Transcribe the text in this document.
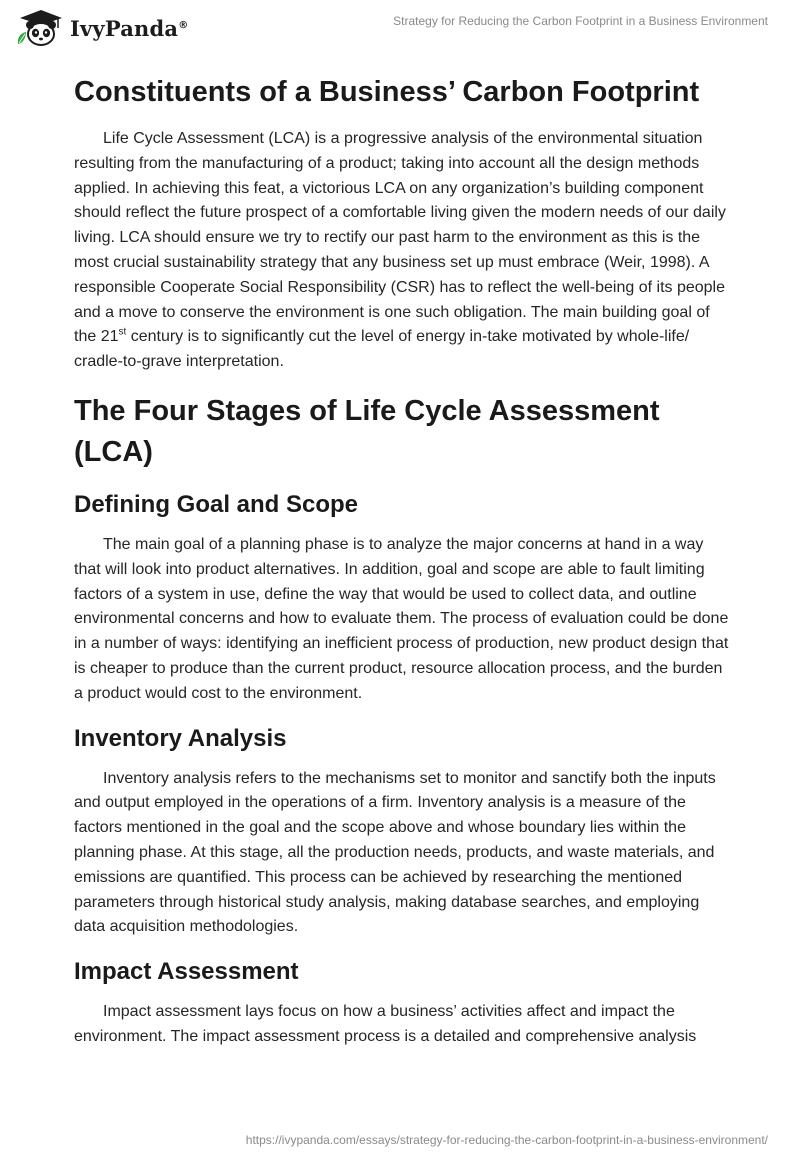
IvyPanda®	Strategy for Reducing the Carbon Footprint in a Business Environment
Constituents of a Business’ Carbon Footprint

Life Cycle Assessment (LCA) is a progressive analysis of the environmental situation resulting from the manufacturing of a product; taking into account all the design methods applied. In achieving this feat, a victorious LCA on any organization’s building component should reflect the future prospect of a comfortable living given the modern needs of our daily living. LCA should ensure we try to rectify our past harm to the environment as this is the most crucial sustainability strategy that any business set up must embrace (Weir, 1998). A responsible Cooperate Social Responsibility (CSR) has to reflect the well-being of its people and a move to conserve the environment is one such obligation. The main building goal of the 21st century is to significantly cut the level of energy in-take motivated by whole-life/ cradle-to-grave interpretation.

The Four Stages of Life Cycle Assessment (LCA)
Defining Goal and Scope

The main goal of a planning phase is to analyze the major concerns at hand in a way that will look into product alternatives. In addition, goal and scope are able to fault limiting factors of a system in use, define the way that would be used to collect data, and outline environmental concerns and how to evaluate them. The process of evaluation could be done in a number of ways: identifying an inefficient process of production, new product design that is cheaper to produce than the current product, resource allocation process, and the burden a product would cost to the environment.

Inventory Analysis

Inventory analysis refers to the mechanisms set to monitor and sanctify both the inputs and output employed in the operations of a firm. Inventory analysis is a measure of the factors mentioned in the goal and the scope above and whose boundary lies within the planning phase. At this stage, all the production needs, products, and waste materials, and emissions are quantified. This process can be achieved by researching the mentioned parameters through historical study analysis, making database searches, and employing data acquisition methodologies.

Impact Assessment

Impact assessment lays focus on how a business’ activities affect and impact the environment. The impact assessment process is a detailed and comprehensive analysis

https://ivypanda.com/essays/strategy-for-reducing-the-carbon-footprint-in-a-business-environment/
